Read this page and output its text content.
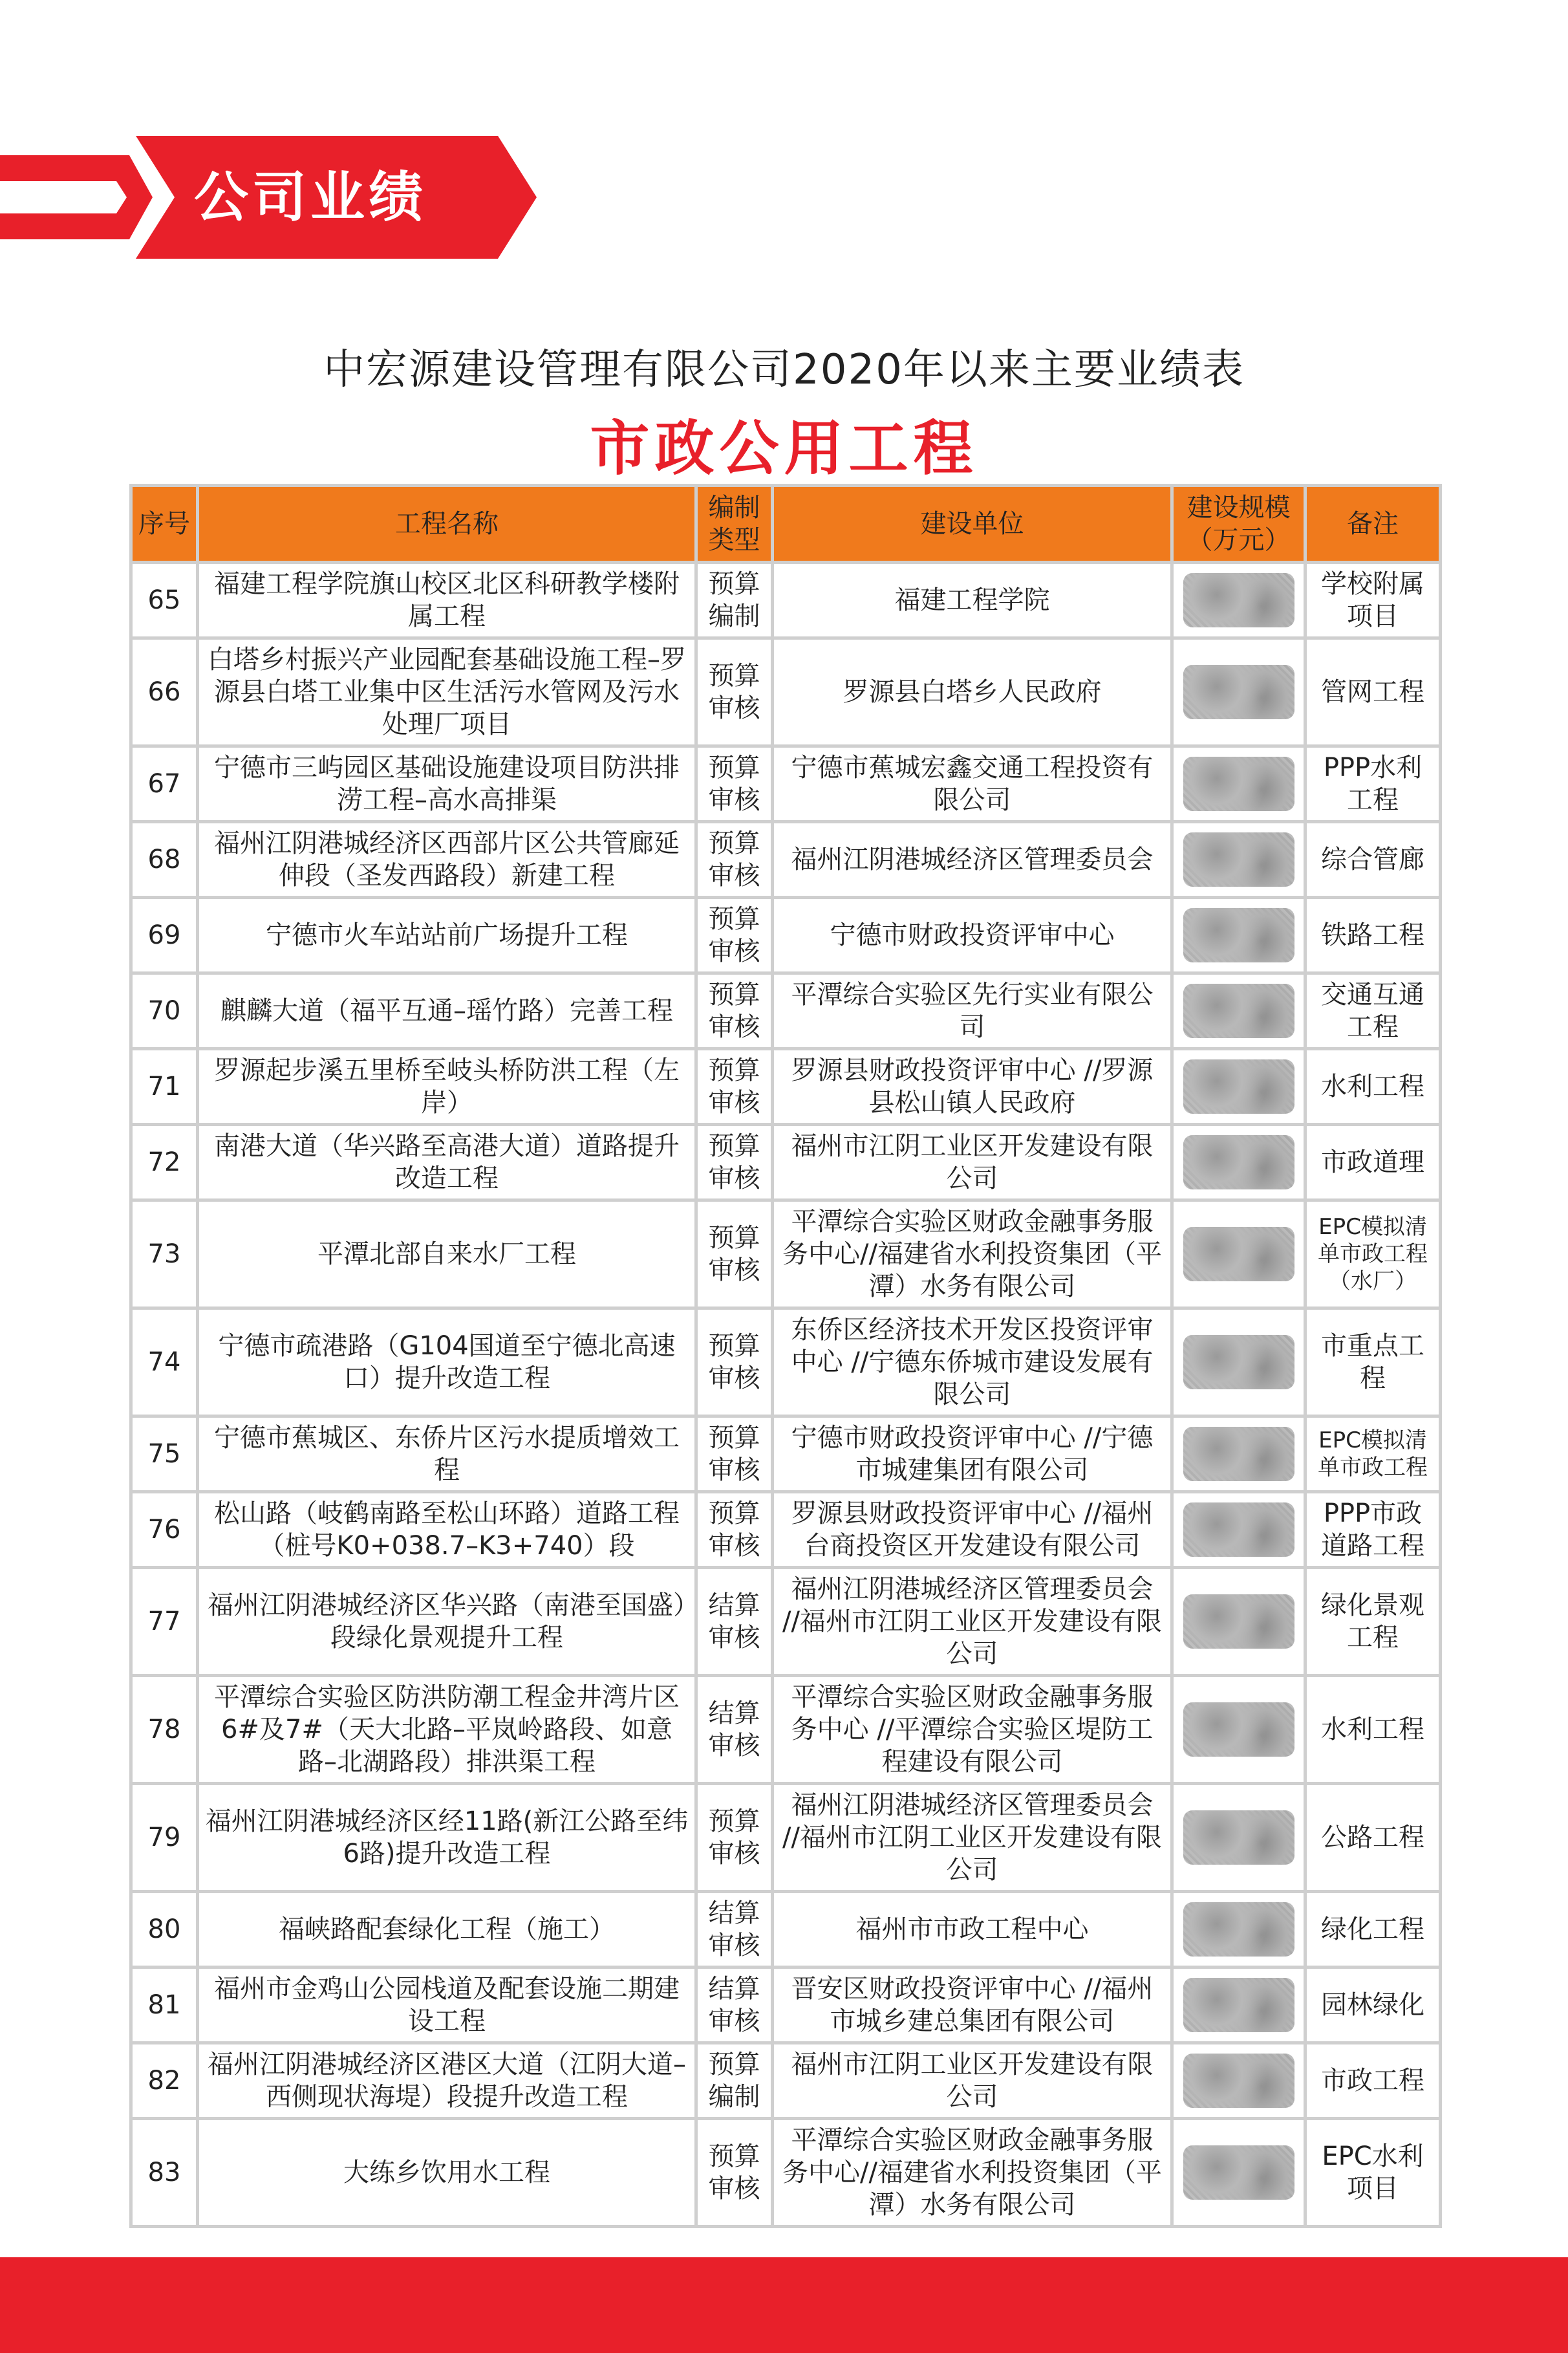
公司业绩
中宏源建设管理有限公司2020年以来主要业绩表
市政公用工程
序号	工程名称	编制类型	建设单位	建设规模（万元）	备注
65	福建工程学院旗山校区北区科研教学楼附属工程	预算编制	福建工程学院		学校附属项目
66	白塔乡村振兴产业园配套基础设施工程–罗源县白塔工业集中区生活污水管网及污水处理厂项目	预算审核	罗源县白塔乡人民政府		管网工程
67	宁德市三屿园区基础设施建设项目防洪排涝工程–高水高排渠	预算审核	宁德市蕉城宏鑫交通工程投资有限公司		PPP水利工程
68	福州江阴港城经济区西部片区公共管廊延伸段（圣发西路段）新建工程	预算审核	福州江阴港城经济区管理委员会		综合管廊
69	宁德市火车站站前广场提升工程	预算审核	宁德市财政投资评审中心		铁路工程
70	麒麟大道（福平互通–瑶竹路）完善工程	预算审核	平潭综合实验区先行实业有限公司		交通互通工程
71	罗源起步溪五里桥至岐头桥防洪工程（左岸）	预算审核	罗源县财政投资评审中心 //罗源县松山镇人民政府		水利工程
72	南港大道（华兴路至高港大道）道路提升改造工程	预算审核	福州市江阴工业区开发建设有限公司		市政道理
73	平潭北部自来水厂工程	预算审核	平潭综合实验区财政金融事务服务中心//福建省水利投资集团（平潭）水务有限公司		EPC模拟清单市政工程（水厂）
74	宁德市疏港路（G104国道至宁德北高速口）提升改造工程	预算审核	东侨区经济技术开发区投资评审中心 //宁德东侨城市建设发展有限公司		市重点工程
75	宁德市蕉城区、东侨片区污水提质增效工程	预算审核	宁德市财政投资评审中心 //宁德市城建集团有限公司		EPC模拟清单市政工程
76	松山路（岐鹤南路至松山环路）道路工程（桩号K0+038.7–K3+740）段	预算审核	罗源县财政投资评审中心 //福州台商投资区开发建设有限公司		PPP市政道路工程
77	福州江阴港城经济区华兴路（南港至国盛）段绿化景观提升工程	结算审核	福州江阴港城经济区管理委员会 //福州市江阴工业区开发建设有限公司		绿化景观工程
78	平潭综合实验区防洪防潮工程金井湾片区6#及7#（天大北路–平岚岭路段、如意路–北湖路段）排洪渠工程	结算审核	平潭综合实验区财政金融事务服务中心 //平潭综合实验区堤防工程建设有限公司		水利工程
79	福州江阴港城经济区经11路(新江公路至纬6路)提升改造工程	预算审核	福州江阴港城经济区管理委员会 //福州市江阴工业区开发建设有限公司		公路工程
80	福峡路配套绿化工程（施工）	结算审核	福州市市政工程中心		绿化工程
81	福州市金鸡山公园栈道及配套设施二期建设工程	结算审核	晋安区财政投资评审中心 //福州市城乡建总集团有限公司		园林绿化
82	福州江阴港城经济区港区大道（江阴大道–西侧现状海堤）段提升改造工程	预算编制	福州市江阴工业区开发建设有限公司		市政工程
83	大练乡饮用水工程	预算审核	平潭综合实验区财政金融事务服务中心//福建省水利投资集团（平潭）水务有限公司		EPC水利项目
